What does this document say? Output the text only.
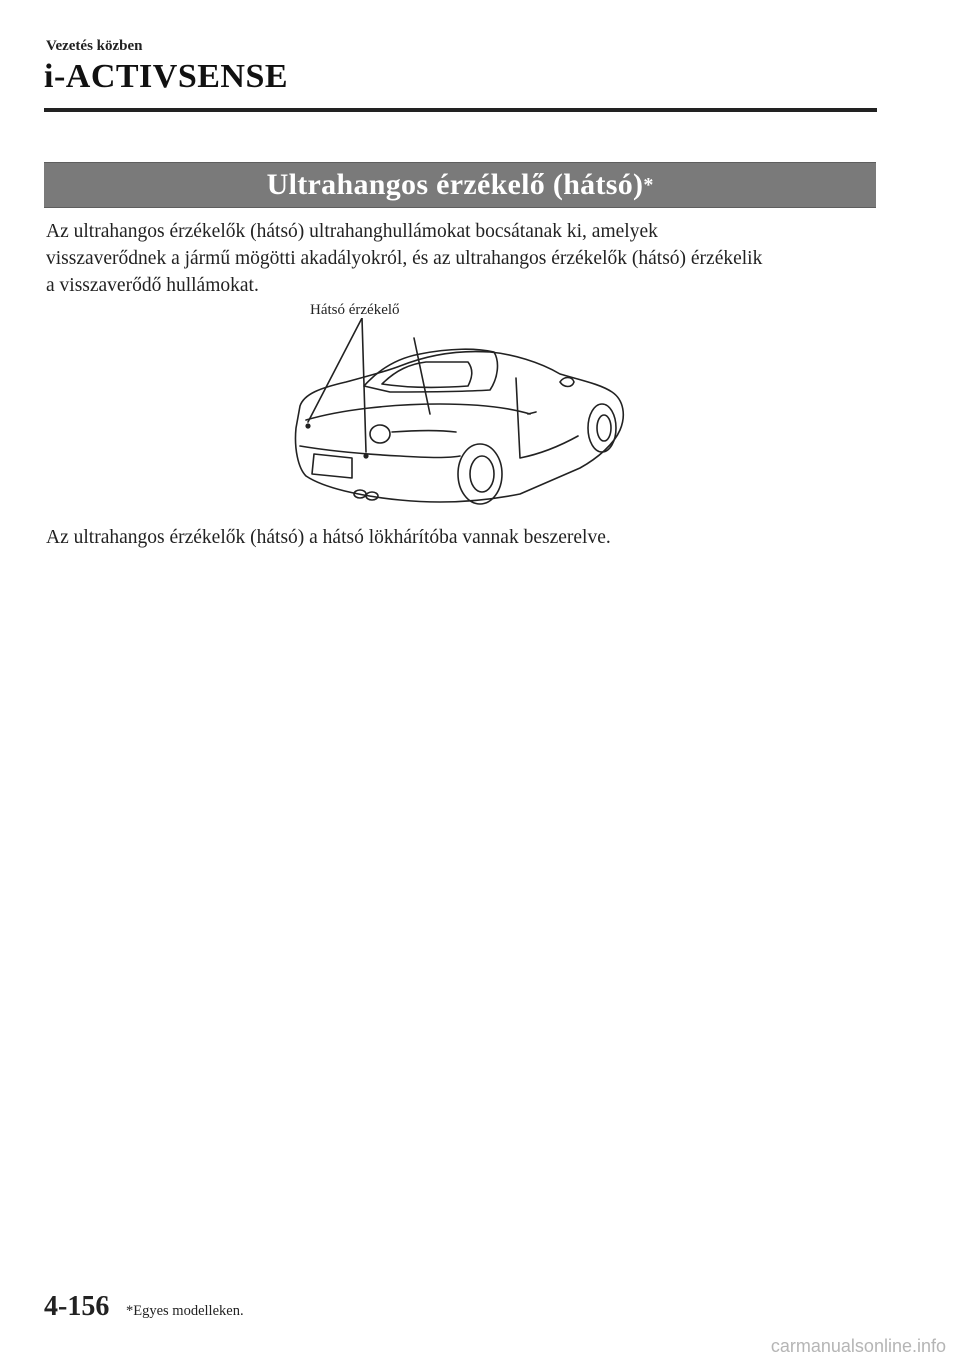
Vezetés közben
i-ACTIVSENSE
Ultrahangos érzékelő (hátsó) *
Az ultrahangos érzékelők (hátsó) ultrahanghullámokat bocsátanak ki, amelyek
visszaverődnek a jármű mögötti akadályokról, és az ultrahangos érzékelők (hátsó) érzékelik
a visszaverődő hullámokat.
Hátsó érzékelő
Az ultrahangos érzékelők (hátsó) a hátsó lökhárítóba vannak beszerelve.
4-156 *Egyes modelleken.
carmanualsonline.info
